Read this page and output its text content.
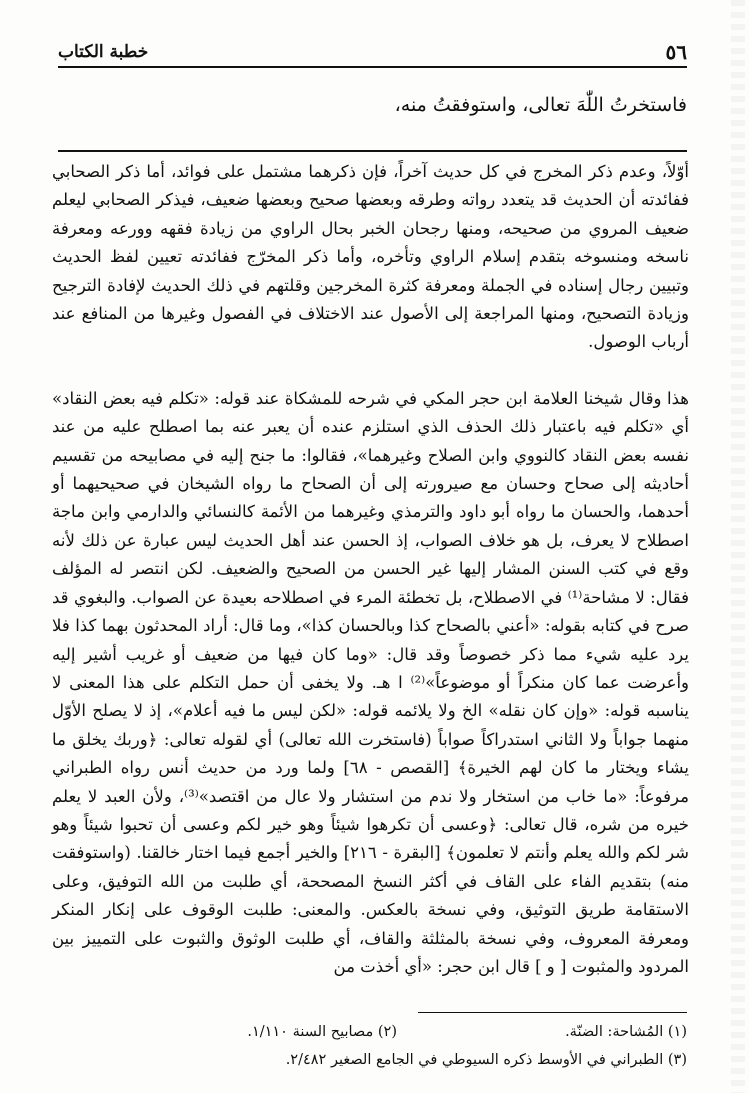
٥٦
خطبة الكتاب
فاستخرتُ اللّٰهَ تعالى، واستوفقتُ منه،

أوّلاً، وعدم ذكر المخرج في كل حديث آخراً، فإن ذكرهما مشتمل على فوائد، أما ذكر الصحابي ففائدته أن الحديث قد يتعدد رواته وطرقه وبعضها صحيح وبعضها ضعيف، فيذكر الصحابي ليعلم ضعيف المروي من صحيحه، ومنها رجحان الخبر بحال الراوي من زيادة فقهه وورعه ومعرفة ناسخه ومنسوخه بتقدم إسلام الراوي وتأخره، وأما ذكر المخرّج ففائدته تعيين لفظ الحديث وتبيين رجال إسناده في الجملة ومعرفة كثرة المخرجين وقلتهم في ذلك الحديث لإفادة الترجيح وزيادة التصحيح، ومنها المراجعة إلى الأصول عند الاختلاف في الفصول وغيرها من المنافع عند أرباب الوصول.

هذا وقال شيخنا العلامة ابن حجر المكي في شرحه للمشكاة عند قوله: «تكلم فيه بعض النقاد» أي «تكلم فيه باعتبار ذلك الحذف الذي استلزم عنده أن يعبر عنه بما اصطلح عليه من عند نفسه بعض النقاد كالنووي وابن الصلاح وغيرهما»، فقالوا: ما جنح إليه في مصابيحه من تقسيم أحاديثه إلى صحاح وحسان مع صيرورته إلى أن الصحاح ما رواه الشيخان في صحيحيهما أو أحدهما، والحسان ما رواه أبو داود والترمذي وغيرهما من الأئمة كالنسائي والدارمي وابن ماجة اصطلاح لا يعرف، بل هو خلاف الصواب، إذ الحسن عند أهل الحديث ليس عبارة عن ذلك لأنه وقع في كتب السنن المشار إليها غير الحسن من الصحيح والضعيف. لكن انتصر له المؤلف فقال: لا مشاحة⁽¹⁾ في الاصطلاح، بل تخطئة المرء في اصطلاحه بعيدة عن الصواب. والبغوي قد صرح في كتابه بقوله: «أعني بالصحاح كذا وبالحسان كذا»، وما قال: أراد المحدثون بهما كذا فلا يرد عليه شيء مما ذكر خصوصاً وقد قال: «وما كان فيها من ضعيف أو غريب أشير إليه وأعرضت عما كان منكراً أو موضوعاً»⁽²⁾ ا هـ. ولا يخفى أن حمل التكلم على هذا المعنى لا يناسبه قوله: «وإن كان نقله» الخ ولا يلائمه قوله: «لكن ليس ما فيه أعلام»، إذ لا يصلح الأوّل منهما جواباً ولا الثاني استدراكاً صواباً (فاستخرت الله تعالى) أي لقوله تعالى: ﴿وربك يخلق ما يشاء ويختار ما كان لهم الخيرة﴾ [القصص - ٦٨] ولما ورد من حديث أنس رواه الطبراني مرفوعاً: «ما خاب من استخار ولا ندم من استشار ولا عال من اقتصد»⁽³⁾، ولأن العبد لا يعلم خيره من شره، قال تعالى: ﴿وعسى أن تكرهوا شيئاً وهو خير لكم وعسى أن تحبوا شيئاً وهو شر لكم والله يعلم وأنتم لا تعلمون﴾ [البقرة - ٢١٦] والخير أجمع فيما اختار خالقنا. (واستوفقت منه) بتقديم الفاء على القاف في أكثر النسخ المصححة، أي طلبت من الله التوفيق، وعلى الاستقامة طريق التوثيق، وفي نسخة بالعكس. والمعنى: طلبت الوقوف على إنكار المنكر ومعرفة المعروف، وفي نسخة بالمثلثة والقاف، أي طلبت الوثوق والثبوت على التمييز بين المردود والمثبوت [ و ] قال ابن حجر: «أي أخذت من

(١) المُشاحة: الضنّة.
(٢) مصابيح السنة ١/١١٠.
(٣) الطبراني في الأوسط ذكره السيوطي في الجامع الصغير ٢/٤٨٢.
